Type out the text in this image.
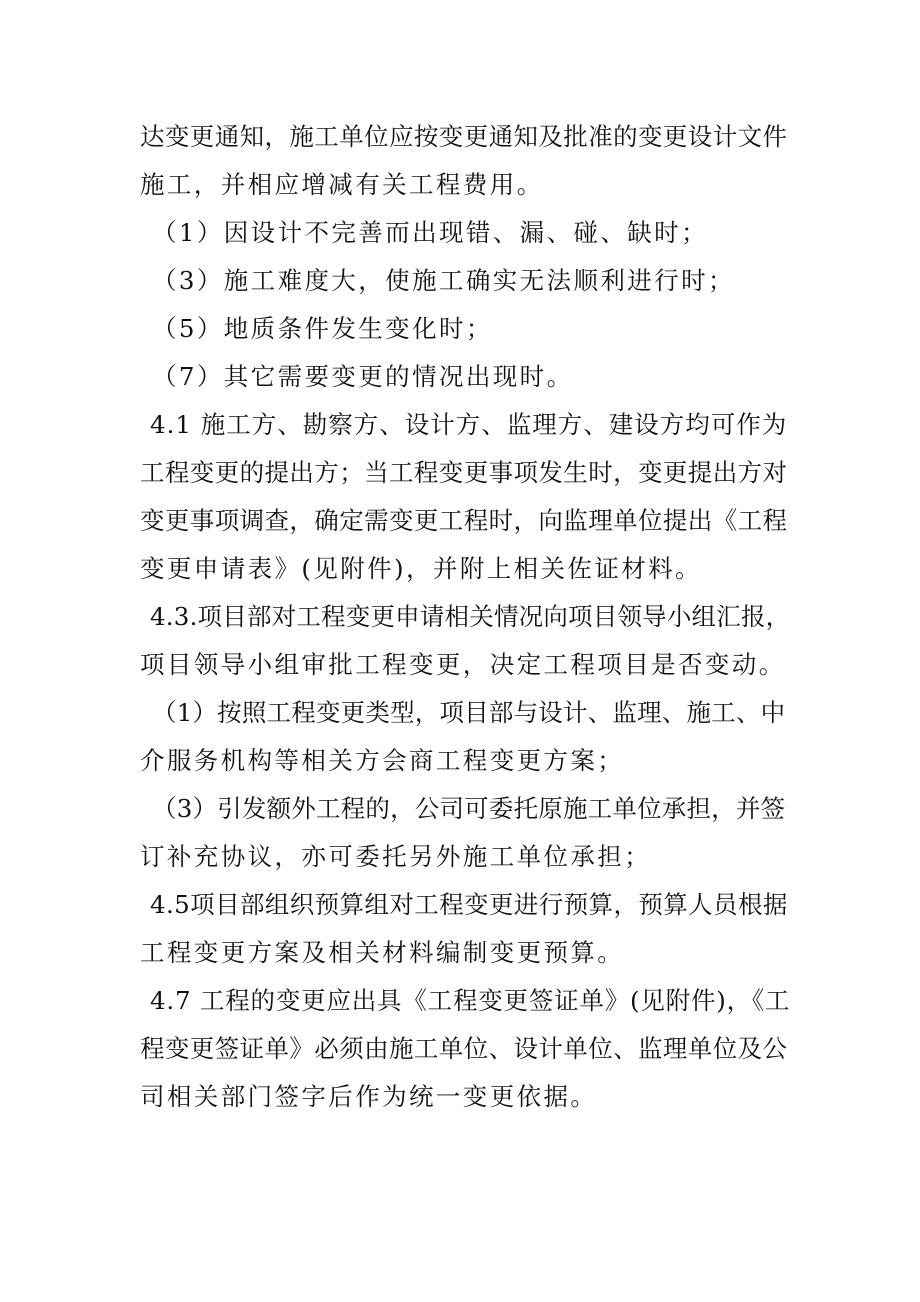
达变更通知，施工单位应按变更通知及批准的变更设计文件

施工，并相应增减有关工程费用。

（1）因设计不完善而出现错、漏、碰、缺时；

（3）施工难度大，使施工确实无法顺利进行时；

（5）地质条件发生变化时；

（7）其它需要变更的情况出现时。

4.1 施工方、勘察方、设计方、监理方、建设方均可作为

工程变更的提出方；当工程变更事项发生时，变更提出方对

变更事项调查，确定需变更工程时，向监理单位提出《工程

变更申请表》(见附件)，并附上相关佐证材料。

4.3.项目部对工程变更申请相关情况向项目领导小组汇报，

项目领导小组审批工程变更，决定工程项目是否变动。

（1）按照工程变更类型，项目部与设计、监理、施工、中

介服务机构等相关方会商工程变更方案；

（3）引发额外工程的，公司可委托原施工单位承担，并签

订补充协议，亦可委托另外施工单位承担；

4.5项目部组织预算组对工程变更进行预算，预算人员根据

工程变更方案及相关材料编制变更预算。

4.7 工程的变更应出具《工程变更签证单》(见附件)，《工

程变更签证单》必须由施工单位、设计单位、监理单位及公

司相关部门签字后作为统一变更依据。
